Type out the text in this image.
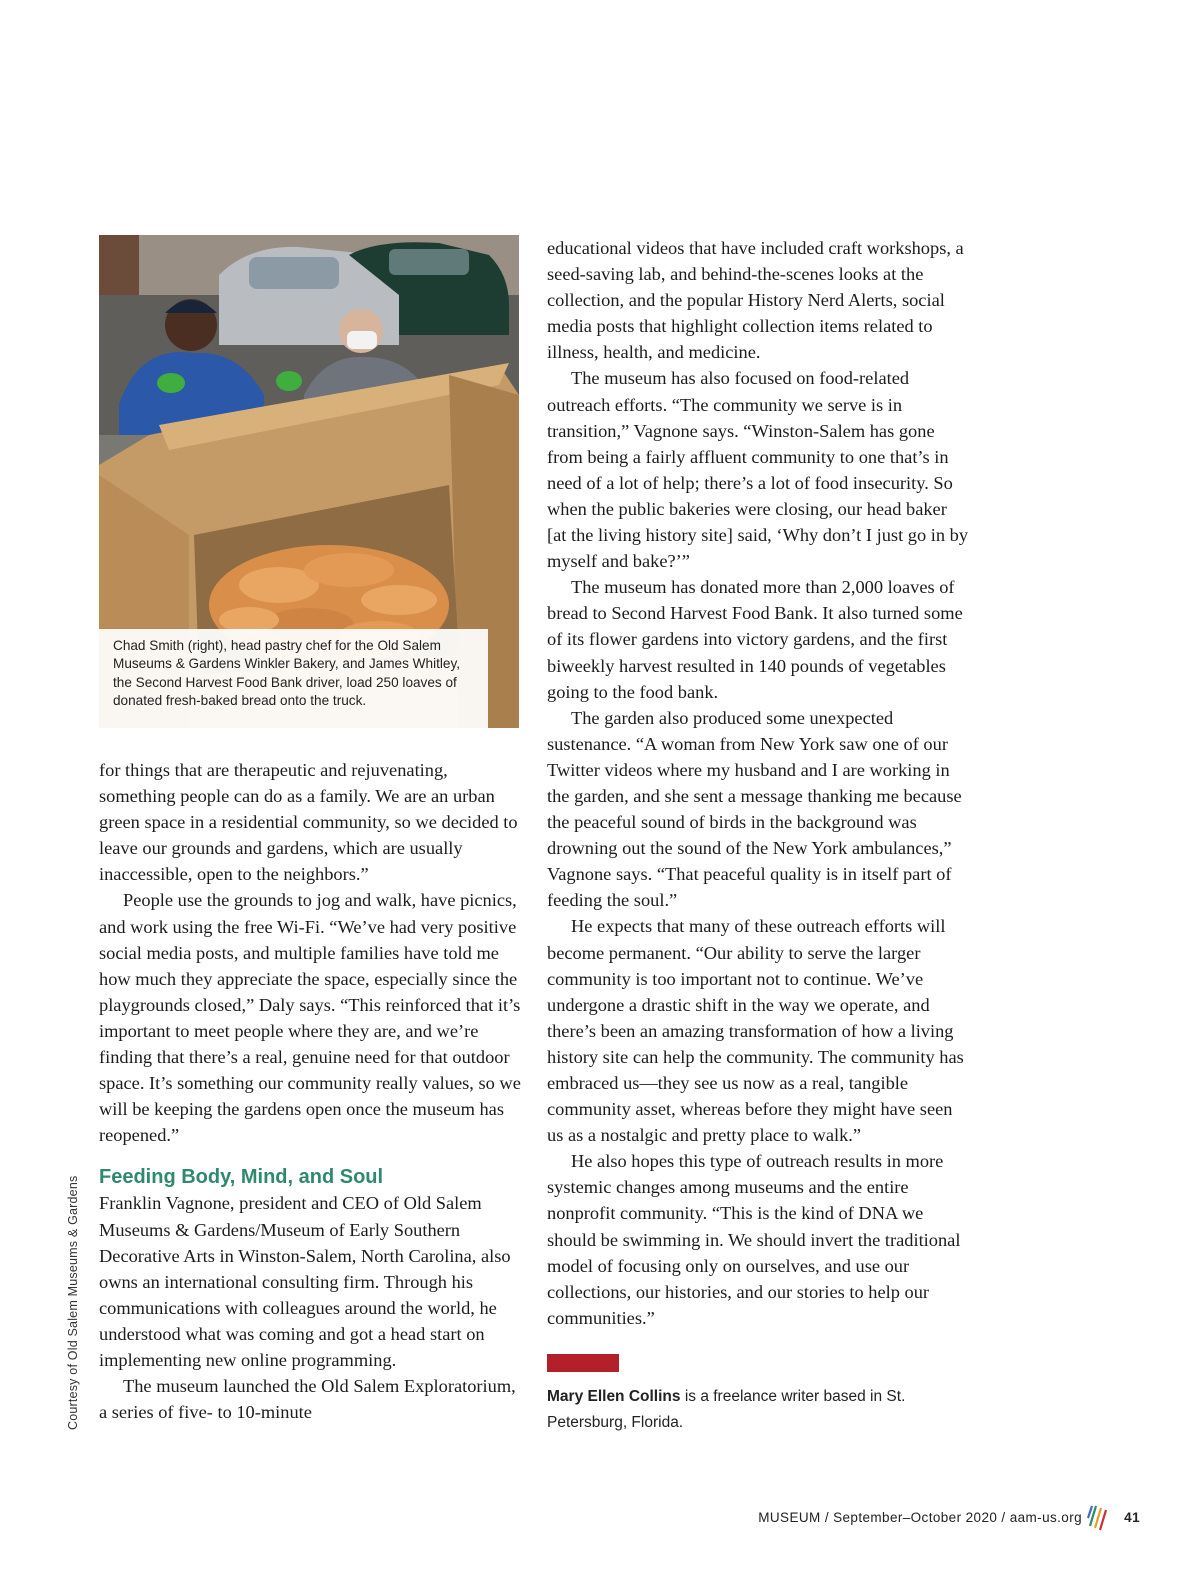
Chad Smith (right), head pastry chef for the Old Salem Museums & Gardens Winkler Bakery, and James Whitley, the Second Harvest Food Bank driver, load 250 loaves of donated fresh-baked bread onto the truck.
Courtesy of Old Salem Museums & Gardens

for things that are therapeutic and rejuvenating, something people can do as a family. We are an urban green space in a residential community, so we decided to leave our grounds and gardens, which are usually inaccessible, open to the neighbors.”

People use the grounds to jog and walk, have picnics, and work using the free Wi-Fi. “We’ve had very positive social media posts, and multiple families have told me how much they appreciate the space, especially since the playgrounds closed,” Daly says. “This reinforced that it’s important to meet people where they are, and we’re finding that there’s a real, genuine need for that outdoor space. It’s something our community really values, so we will be keeping the gardens open once the museum has reopened.”

Feeding Body, Mind, and Soul

Franklin Vagnone, president and CEO of Old Salem Museums & Gardens/Museum of Early Southern Decorative Arts in Winston-Salem, North Carolina, also owns an international consulting firm. Through his communications with colleagues around the world, he understood what was coming and got a head start on implementing new online programming.

The museum launched the Old Salem Exploratorium, a series of five- to 10-minute

educational videos that have included craft workshops, a seed-saving lab, and behind-the-scenes looks at the collection, and the popular History Nerd Alerts, social media posts that highlight collection items related to illness, health, and medicine.

The museum has also focused on food-related outreach efforts. “The community we serve is in transition,” Vagnone says. “Winston-Salem has gone from being a fairly affluent community to one that’s in need of a lot of help; there’s a lot of food insecurity. So when the public bakeries were closing, our head baker [at the living history site] said, ‘Why don’t I just go in by myself and bake?’”

The museum has donated more than 2,000 loaves of bread to Second Harvest Food Bank. It also turned some of its flower gardens into victory gardens, and the first biweekly harvest resulted in 140 pounds of vegetables going to the food bank.

The garden also produced some unexpected sustenance. “A woman from New York saw one of our Twitter videos where my husband and I are working in the garden, and she sent a message thanking me because the peaceful sound of birds in the background was drowning out the sound of the New York ambulances,” Vagnone says. “That peaceful quality is in itself part of feeding the soul.”

He expects that many of these outreach efforts will become permanent. “Our ability to serve the larger community is too important not to continue. We’ve undergone a drastic shift in the way we operate, and there’s been an amazing transformation of how a living history site can help the community. The community has embraced us—they see us now as a real, tangible community asset, whereas before they might have seen us as a nostalgic and pretty place to walk.”

He also hopes this type of outreach results in more systemic changes among museums and the entire nonprofit community. “This is the kind of DNA we should be swimming in. We should invert the traditional model of focusing only on ourselves, and use our collections, our histories, and our stories to help our communities.”

Mary Ellen Collins is a freelance writer based in St. Petersburg, Florida.
MUSEUM / September–October 2020 / aam-us.org	41
